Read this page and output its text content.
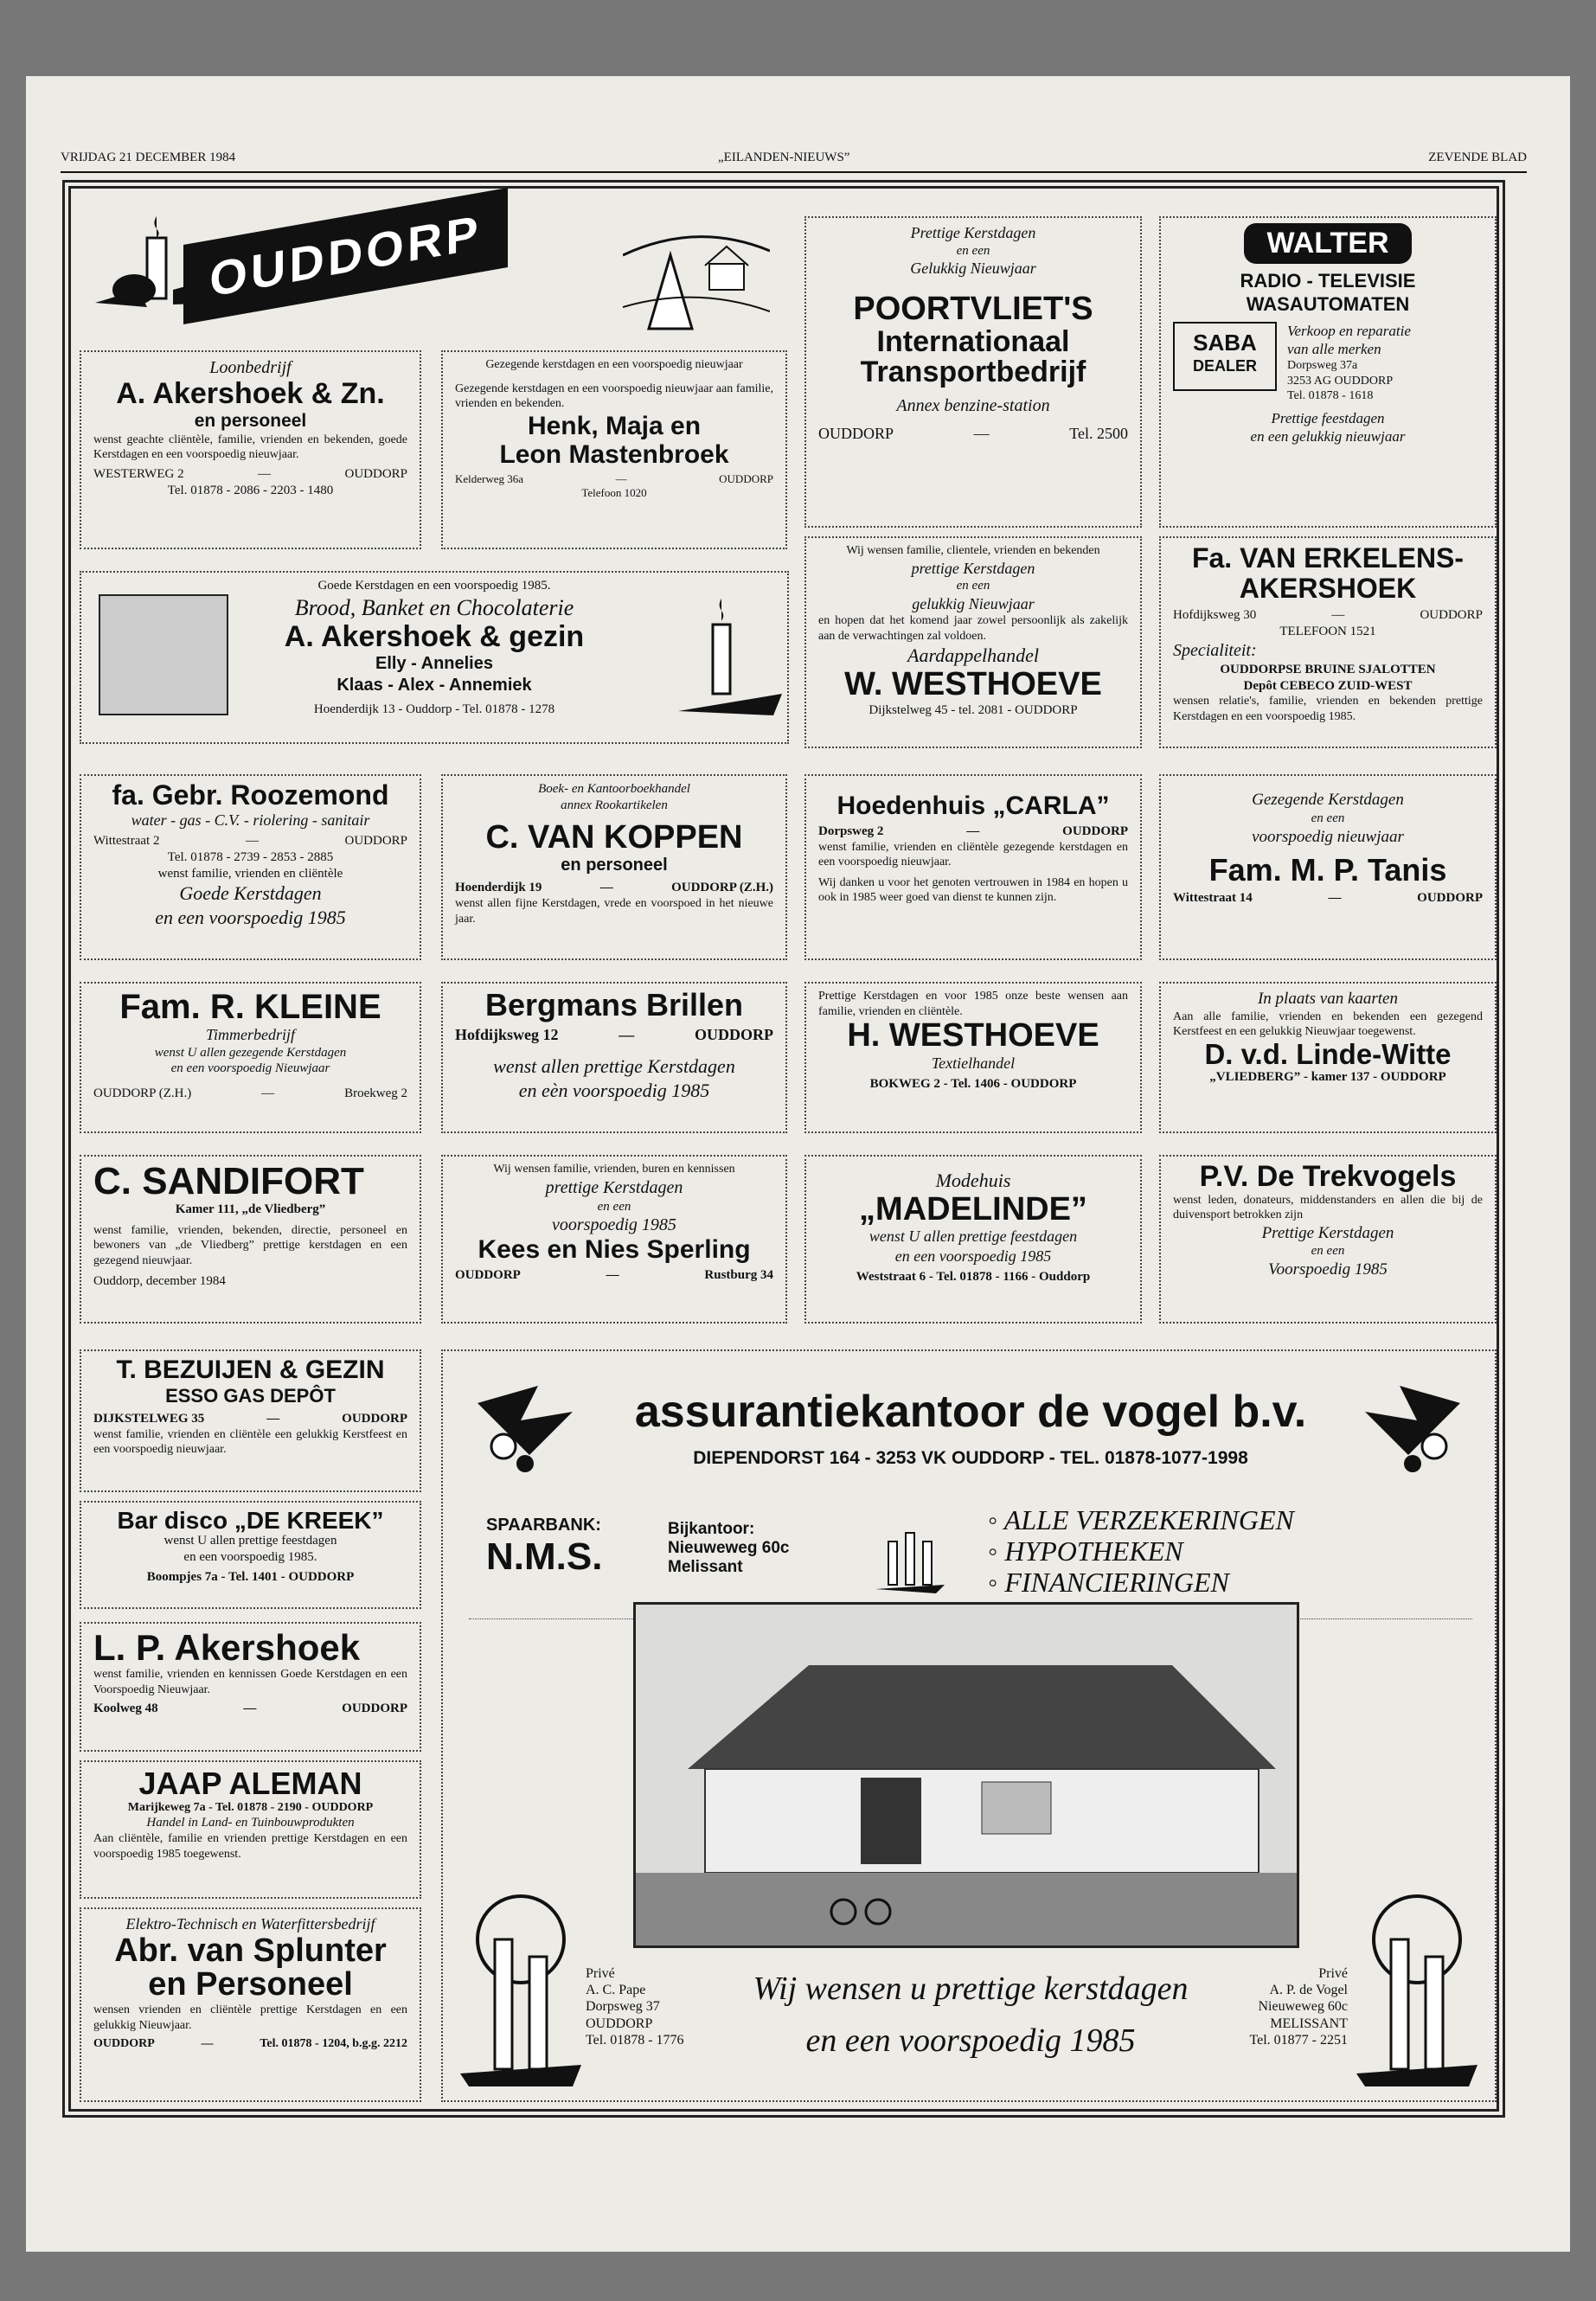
VRIJDAG 21 DECEMBER 1984	„EILANDEN-NIEUWS”	ZEVENDE BLAD
OUDDORP
Loonbedrijf
A. Akershoek & Zn.
en personeel
wenst geachte cliëntèle, familie, vrienden en bekenden, goede Kerstdagen en een voorspoedig nieuwjaar.
WESTERWEG 2	—	OUDDORP
Tel. 01878 - 2086 - 2203 - 1480
Gezegende kerstdagen en een voorspoedig nieuwjaar
Gezegende kerstdagen en een voorspoedig nieuwjaar aan familie, vrienden en bekenden.
Henk, Maja en
Leon Mastenbroek
Kelderweg 36a	—	OUDDORP
Telefoon 1020
Prettige Kerstdagen
en een
Gelukkig Nieuwjaar
POORTVLIET'S
Internationaal
Transportbedrijf
Annex benzine-station
OUDDORP	—	Tel. 2500
WALTER
RADIO - TELEVISIE
WASAUTOMATEN
SABA
DEALER
Verkoop en reparatie
van alle merken
Dorpsweg 37a
3253 AG OUDDORP
Tel. 01878 - 1618
Prettige feestdagen
en een gelukkig nieuwjaar
Goede Kerstdagen en een voorspoedig 1985.
Brood, Banket en Chocolaterie
A. Akershoek & gezin
Elly - Annelies
Klaas - Alex - Annemiek
Hoenderdijk 13 - Ouddorp - Tel. 01878 - 1278
Wij wensen familie, clientele, vrienden en bekenden
prettige Kerstdagen
en een
gelukkig Nieuwjaar
en hopen dat het komend jaar zowel persoonlijk als zakelijk aan de verwachtingen zal voldoen.
Aardappelhandel
W. WESTHOEVE
Dijkstelweg 45 - tel. 2081 - OUDDORP
Fa. VAN ERKELENS-
AKERSHOEK
Hofdijksweg 30	—	OUDDORP
TELEFOON 1521
Specialiteit:
OUDDORPSE BRUINE SJALOTTEN
Depôt CEBECO ZUID-WEST
wensen relatie's, familie, vrienden en bekenden prettige Kerstdagen en een voorspoedig 1985.
fa. Gebr. Roozemond
water - gas - C.V. - riolering - sanitair
Wittestraat 2	—	OUDDORP
Tel. 01878 - 2739 - 2853 - 2885
wenst familie, vrienden en cliëntèle
Goede Kerstdagen
en een voorspoedig 1985
Boek- en Kantoorboekhandel
annex Rookartikelen
C. VAN KOPPEN
en personeel
Hoenderdijk 19	—	OUDDORP (Z.H.)
wenst allen fijne Kerstdagen, vrede en voorspoed in het nieuwe jaar.
Hoedenhuis „CARLA”
Dorpsweg 2	—	OUDDORP
wenst familie, vrienden en cliëntèle gezegende kerstdagen en een voorspoedig nieuwjaar.
Wij danken u voor het genoten vertrouwen in 1984 en hopen u ook in 1985 weer goed van dienst te kunnen zijn.
Gezegende Kerstdagen
en een
voorspoedig nieuwjaar
Fam. M. P. Tanis
Wittestraat 14	—	OUDDORP
Fam. R. KLEINE
Timmerbedrijf
wenst U allen gezegende Kerstdagen
en een voorspoedig Nieuwjaar
OUDDORP (Z.H.)	—	Broekweg 2
Bergmans Brillen
Hofdijksweg 12	—	OUDDORP
wenst allen prettige Kerstdagen
en eèn voorspoedig 1985
Prettige Kerstdagen en voor 1985 onze beste wensen aan familie, vrienden en cliëntèle.
H. WESTHOEVE
Textielhandel
BOKWEG 2 - Tel. 1406 - OUDDORP
In plaats van kaarten
Aan alle familie, vrienden en bekenden een gezegend Kerstfeest en een gelukkig Nieuwjaar toegewenst.
D. v.d. Linde-Witte
„VLIEDBERG” - kamer 137 - OUDDORP
C. SANDIFORT
Kamer 111, „de Vliedberg”
wenst familie, vrienden, bekenden, directie, personeel en bewoners van „de Vliedberg” prettige kerstdagen en een gezegend nieuwjaar.
Ouddorp, december 1984
Wij wensen familie, vrienden, buren en kennissen
prettige Kerstdagen
en een
voorspoedig 1985
Kees en Nies Sperling
OUDDORP	—	Rustburg 34
Modehuis
„MADELINDE”
wenst U allen prettige feestdagen
en een voorspoedig 1985
Weststraat 6 - Tel. 01878 - 1166 - Ouddorp
P.V. De Trekvogels
wenst leden, donateurs, middenstanders en allen die bij de duivensport betrokken zijn
Prettige Kerstdagen
en een
Voorspoedig 1985
T. BEZUIJEN & GEZIN
ESSO GAS DEPÔT
DIJKSTELWEG 35	—	OUDDORP
wenst familie, vrienden en cliëntèle een gelukkig Kerstfeest en een voorspoedig nieuwjaar.
Bar disco „DE KREEK”
wenst U allen prettige feestdagen
en een voorspoedig 1985.
Boompjes 7a - Tel. 1401 - OUDDORP
L. P. Akershoek
wenst familie, vrienden en kennissen Goede Kerstdagen en een Voorspoedig Nieuwjaar.
Koolweg 48	—	OUDDORP
JAAP ALEMAN
Marijkeweg 7a - Tel. 01878 - 2190 - OUDDORP
Handel in Land- en Tuinbouwprodukten
Aan cliëntèle, familie en vrienden prettige Kerstdagen en een voorspoedig 1985 toegewenst.
Elektro-Technisch en Waterfittersbedrijf
Abr. van Splunter
en Personeel
wensen vrienden en cliëntèle prettige Kerstdagen en een gelukkig Nieuwjaar.
OUDDORP	—	Tel. 01878 - 1204, b.g.g. 2212
assurantiekantoor de vogel b.v.
DIEPENDORST 164 - 3253 VK OUDDORP - TEL. 01878-1077-1998
SPAARBANK:
N.M.S.
Bijkantoor:
Nieuweweg 60c
Melissant
◦ ALLE VERZEKERINGEN
◦ HYPOTHEKEN
◦ FINANCIERINGEN
Privé
A. C. Pape
Dorpsweg 37
OUDDORP
Tel. 01878 - 1776
Privé
A. P. de Vogel
Nieuweweg 60c
MELISSANT
Tel. 01877 - 2251
Wij wensen u prettige kerstdagen
en een voorspoedig 1985
